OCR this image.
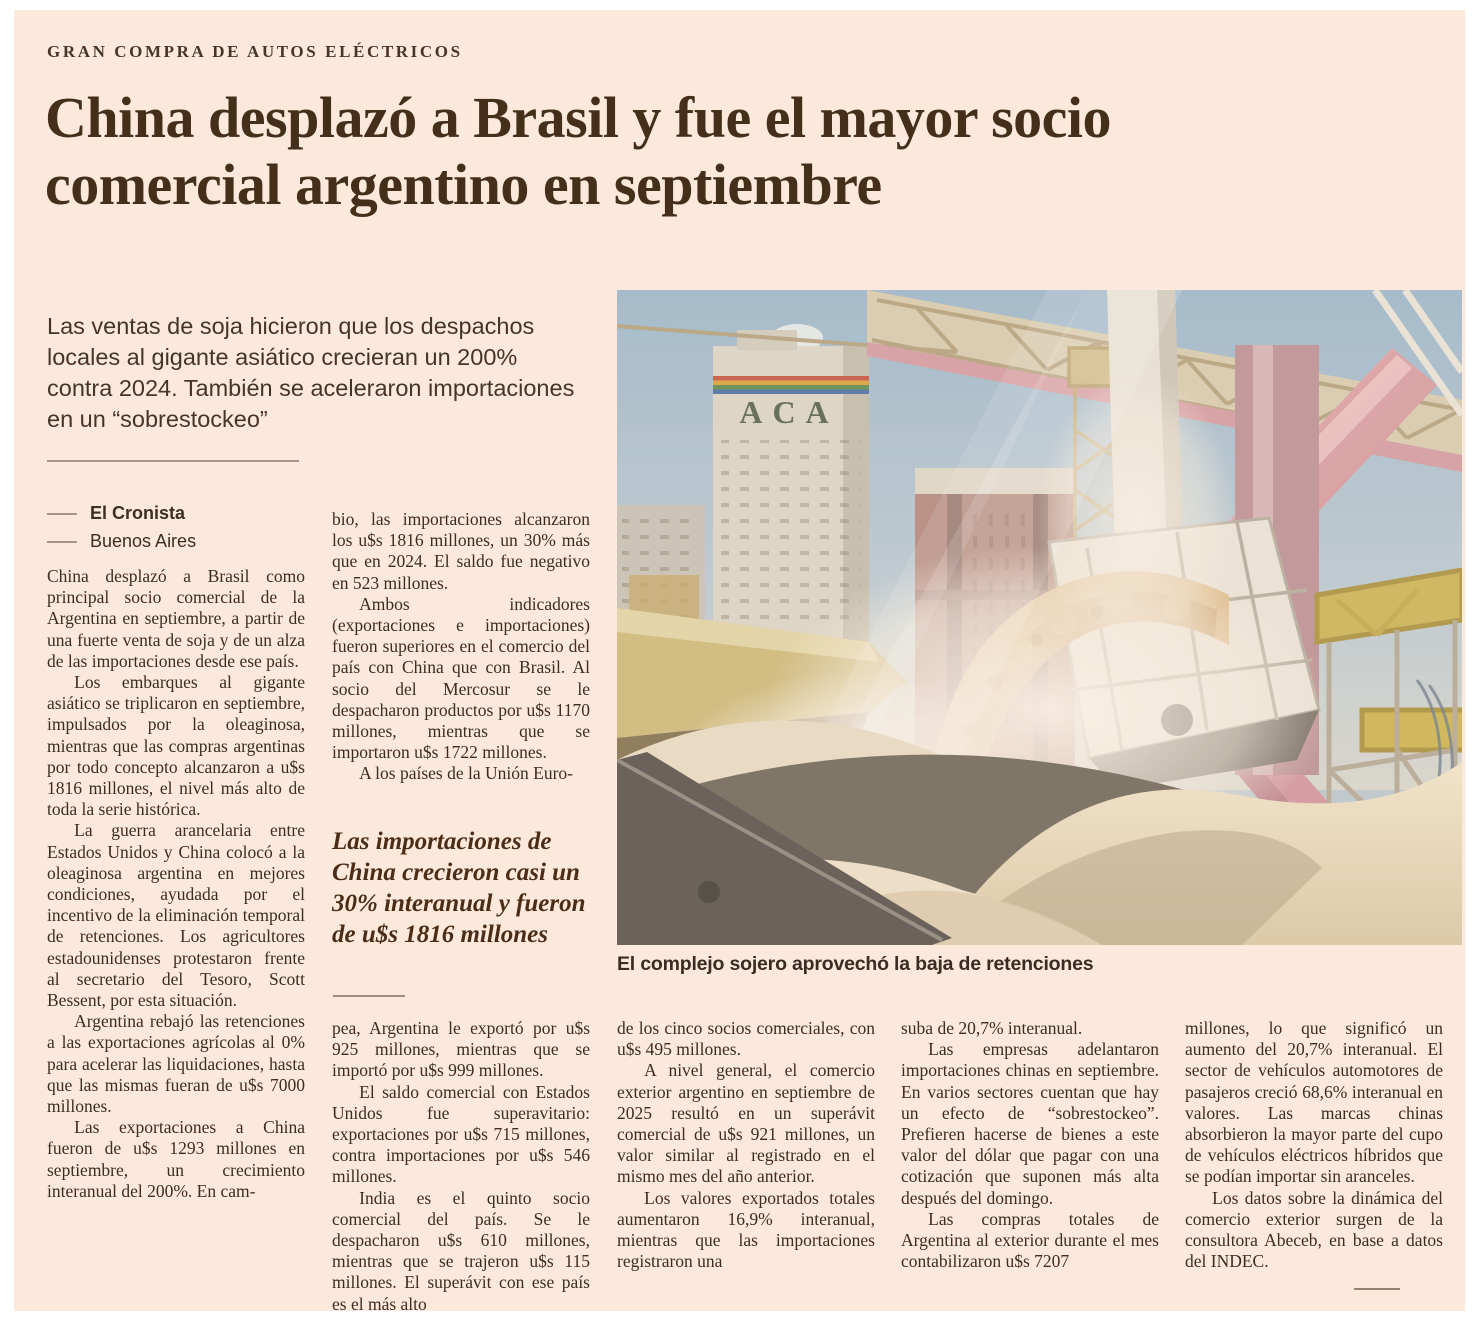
GRAN COMPRA DE AUTOS ELÉCTRICOS
China desplazó a Brasil y fue el mayor socio
comercial argentino en septiembre
Las ventas de soja hicieron que los despachos locales al gigante asiático crecieran un 200% contra 2024. También se aceleraron importaciones en un “sobrestockeo”
El Cronista
Buenos Aires
ACA
El complejo sojero aprovechó la baja de retenciones

China desplazó a Brasil como principal socio comercial de la Argentina en septiembre, a partir de una fuerte venta de soja y de un alza de las importaciones desde ese país.

Los embarques al gigante asiático se triplicaron en septiembre, impulsados por la oleaginosa, mientras que las compras argentinas por todo concepto alcanzaron a u$s 1816 millones, el nivel más alto de toda la serie histórica.

La guerra arancelaria entre Estados Unidos y China colocó a la oleaginosa argentina en mejores condiciones, ayudada por el incentivo de la eliminación temporal de retenciones. Los agricultores estadounidenses protestaron frente al secretario del Tesoro, Scott Bessent, por esta situación.

Argentina rebajó las retenciones a las exportaciones agrícolas al 0% para acelerar las liquidaciones, hasta que las mismas fueran de u$s 7000 millones.

Las exportaciones a China fueron de u$s 1293 millones en septiembre, un crecimiento interanual del 200%. En cam-

bio, las importaciones alcanzaron los u$s 1816 millones, un 30% más que en 2024. El saldo fue negativo en 523 millones.

Ambos indicadores (exportaciones e importaciones) fueron superiores en el comercio del país con China que con Brasil. Al socio del Mercosur se le despacharon productos por u$s 1170 millones, mientras que se importaron u$s 1722 millones.

A los países de la Unión Euro-

Las importaciones de China crecieron casi un 30% interanual y fueron de u$s 1816 millones

pea, Argentina le exportó por u$s 925 millones, mientras que se importó por u$s 999 millones.

El saldo comercial con Estados Unidos fue superavitario: exportaciones por u$s 715 millones, contra importaciones por u$s 546 millones.

India es el quinto socio comercial del país. Se le despacharon u$s 610 millones, mientras que se trajeron u$s 115 millones. El superávit con ese país es el más alto

de los cinco socios comerciales, con u$s 495 millones.

A nivel general, el comercio exterior argentino en septiembre de 2025 resultó en un superávit comercial de u$s 921 millones, un valor similar al registrado en el mismo mes del año anterior.

Los valores exportados totales aumentaron 16,9% interanual, mientras que las importaciones registraron una

suba de 20,7% interanual.

Las empresas adelantaron importaciones chinas en septiembre. En varios sectores cuentan que hay un efecto de “sobrestockeo”. Prefieren hacerse de bienes a este valor del dólar que pagar con una cotización que suponen más alta después del domingo.

Las compras totales de Argentina al exterior durante el mes contabilizaron u$s 7207

millones, lo que significó un aumento del 20,7% interanual. El sector de vehículos automotores de pasajeros creció 68,6% interanual en valores. Las marcas chinas absorbieron la mayor parte del cupo de vehículos eléctricos híbridos que se podían importar sin aranceles.

Los datos sobre la dinámica del comercio exterior surgen de la consultora Abeceb, en base a datos del INDEC.
